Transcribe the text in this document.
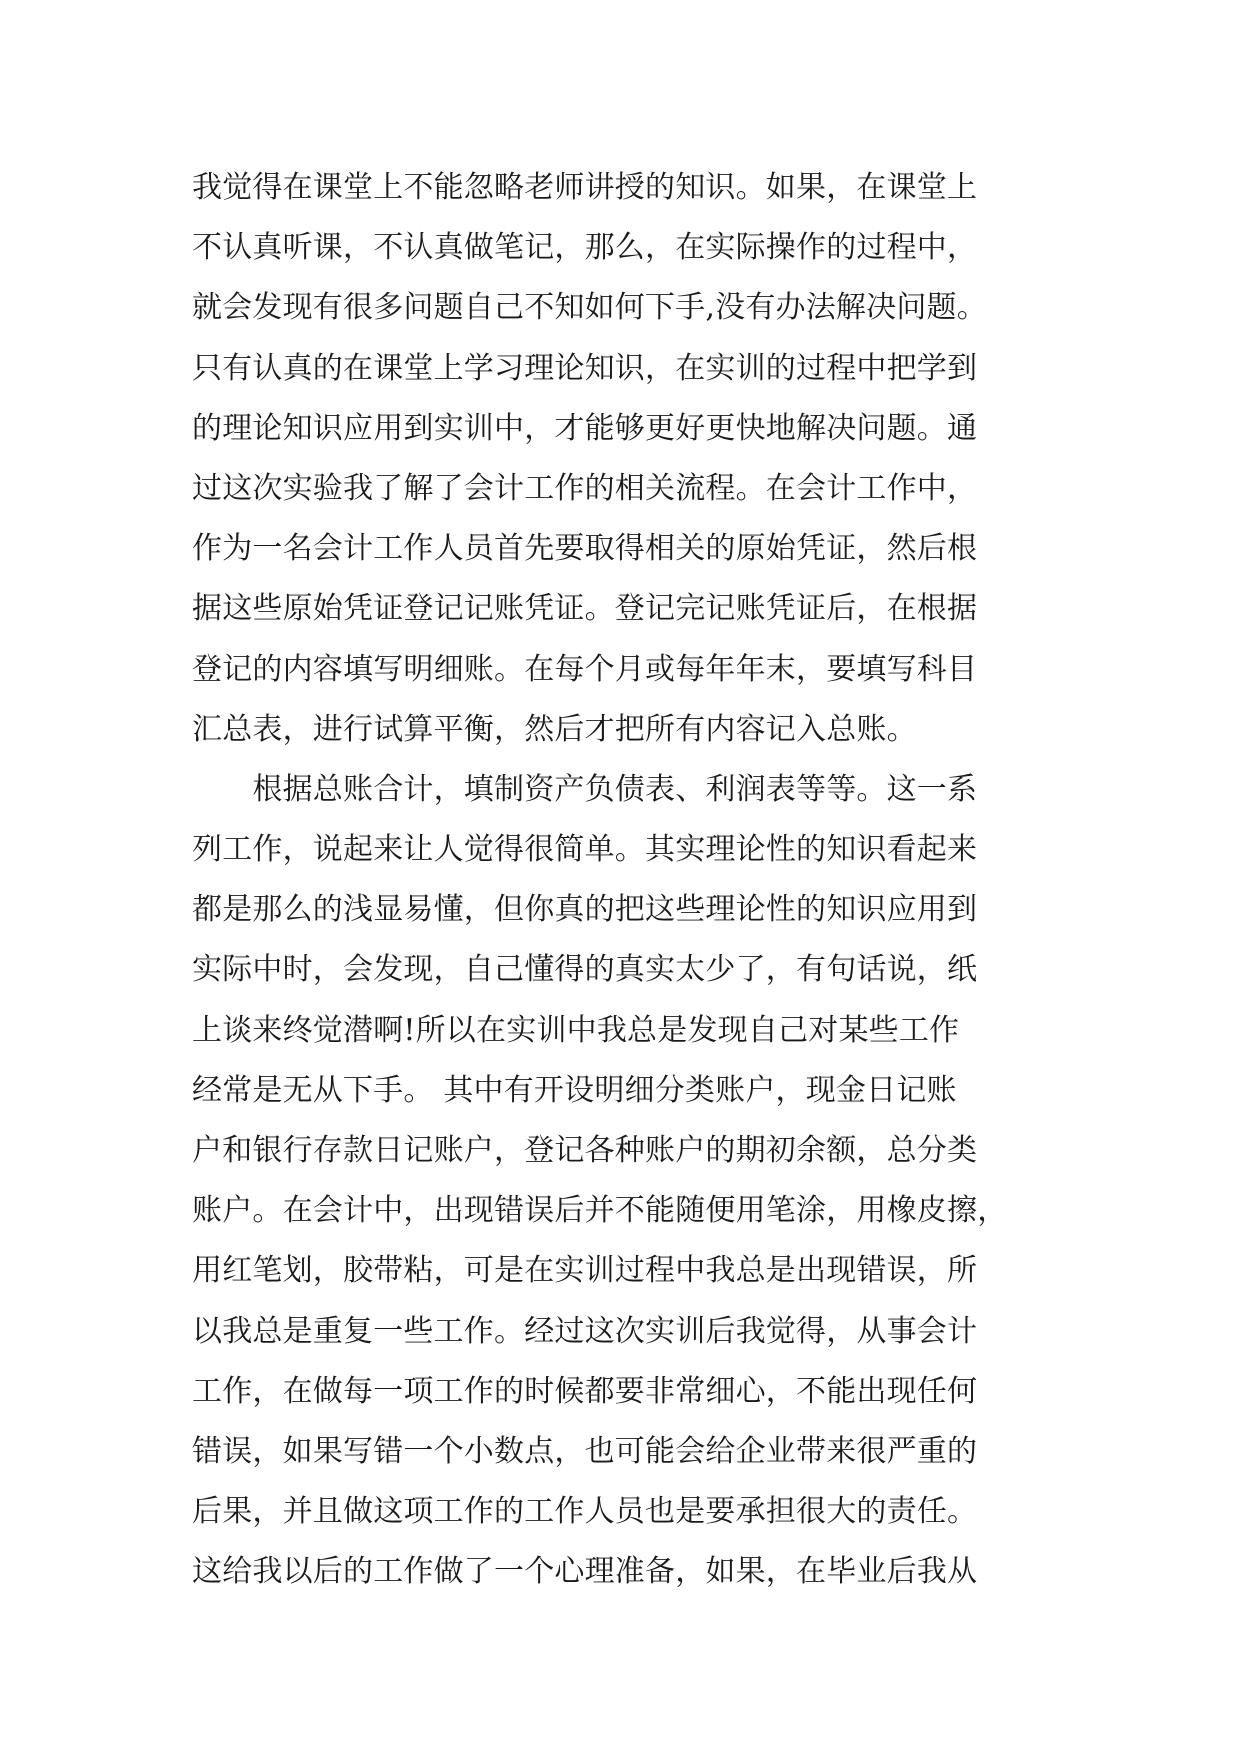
我觉得在课堂上不能忽略老师讲授的知识。如果，在课堂上
不认真听课，不认真做笔记，那么，在实际操作的过程中，
就会发现有很多问题自己不知如何下手,没有办法解决问题。
只有认真的在课堂上学习理论知识，在实训的过程中把学到
的理论知识应用到实训中，才能够更好更快地解决问题。通
过这次实验我了解了会计工作的相关流程。在会计工作中，
作为一名会计工作人员首先要取得相关的原始凭证，然后根
据这些原始凭证登记记账凭证。登记完记账凭证后，在根据
登记的内容填写明细账。在每个月或每年年末，要填写科目
汇总表，进行试算平衡，然后才把所有内容记入总账。
　　根据总账合计，填制资产负债表、利润表等等。这一系
列工作，说起来让人觉得很简单。其实理论性的知识看起来
都是那么的浅显易懂，但你真的把这些理论性的知识应用到
实际中时，会发现，自己懂得的真实太少了，有句话说，纸
上谈来终觉潜啊!所以在实训中我总是发现自己对某些工作
经常是无从下手。 其中有开设明细分类账户，现金日记账
户和银行存款日记账户，登记各种账户的期初余额，总分类
账户。在会计中，出现错误后并不能随便用笔涂，用橡皮擦，
用红笔划，胶带粘，可是在实训过程中我总是出现错误，所
以我总是重复一些工作。经过这次实训后我觉得，从事会计
工作，在做每一项工作的时候都要非常细心，不能出现任何
错误，如果写错一个小数点，也可能会给企业带来很严重的
后果，并且做这项工作的工作人员也是要承担很大的责任。
这给我以后的工作做了一个心理准备，如果，在毕业后我从
